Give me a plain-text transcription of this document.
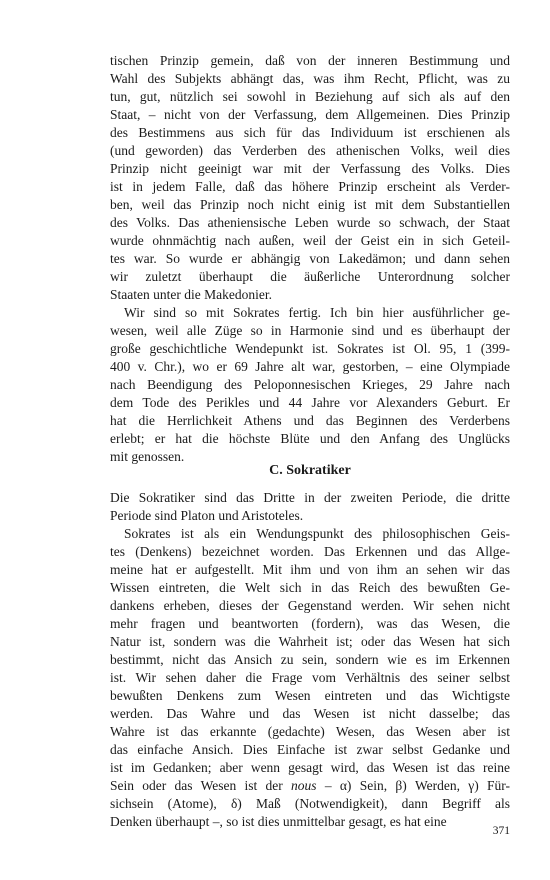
tischen Prinzip gemein, daß von der inneren Bestimmung und
Wahl des Subjekts abhängt das, was ihm Recht, Pflicht, was zu
tun, gut, nützlich sei sowohl in Beziehung auf sich als auf den
Staat, – nicht von der Verfassung, dem Allgemeinen. Dies Prinzip
des Bestimmens aus sich für das Individuum ist erschienen als
(und geworden) das Verderben des athenischen Volks, weil dies
Prinzip nicht geeinigt war mit der Verfassung des Volks. Dies
ist in jedem Falle, daß das höhere Prinzip erscheint als Verder-
ben, weil das Prinzip noch nicht einig ist mit dem Substantiellen
des Volks. Das atheniensische Leben wurde so schwach, der Staat
wurde ohnmächtig nach außen, weil der Geist ein in sich Geteil-
tes war. So wurde er abhängig von Lakedämon; und dann sehen
wir zuletzt überhaupt die äußerliche Unterordnung solcher
Staaten unter die Makedonier.
Wir sind so mit Sokrates fertig. Ich bin hier ausführlicher ge-
wesen, weil alle Züge so in Harmonie sind und es überhaupt der
große geschichtliche Wendepunkt ist. Sokrates ist Ol. 95, 1 (399-
400 v. Chr.), wo er 69 Jahre alt war, gestorben, – eine Olympiade
nach Beendigung des Peloponnesischen Krieges, 29 Jahre nach
dem Tode des Perikles und 44 Jahre vor Alexanders Geburt. Er
hat die Herrlichkeit Athens und das Beginnen des Verderbens
erlebt; er hat die höchste Blüte und den Anfang des Unglücks
mit genossen.
C. Sokratiker
Die Sokratiker sind das Dritte in der zweiten Periode, die dritte
Periode sind Platon und Aristoteles.
Sokrates ist als ein Wendungspunkt des philosophischen Geis-
tes (Denkens) bezeichnet worden. Das Erkennen und das Allge-
meine hat er aufgestellt. Mit ihm und von ihm an sehen wir das
Wissen eintreten, die Welt sich in das Reich des bewußten Ge-
dankens erheben, dieses der Gegenstand werden. Wir sehen nicht
mehr fragen und beantworten (fordern), was das Wesen, die
Natur ist, sondern was die Wahrheit ist; oder das Wesen hat sich
bestimmt, nicht das Ansich zu sein, sondern wie es im Erkennen
ist. Wir sehen daher die Frage vom Verhältnis des seiner selbst
bewußten Denkens zum Wesen eintreten und das Wichtigste
werden. Das Wahre und das Wesen ist nicht dasselbe; das
Wahre ist das erkannte (gedachte) Wesen, das Wesen aber ist
das einfache Ansich. Dies Einfache ist zwar selbst Gedanke und
ist im Gedanken; aber wenn gesagt wird, das Wesen ist das reine
Sein oder das Wesen ist der nous – α) Sein, β) Werden, γ) Für-
sichsein (Atome), δ) Maß (Notwendigkeit), dann Begriff als
Denken überhaupt –, so ist dies unmittelbar gesagt, es hat eine
371
